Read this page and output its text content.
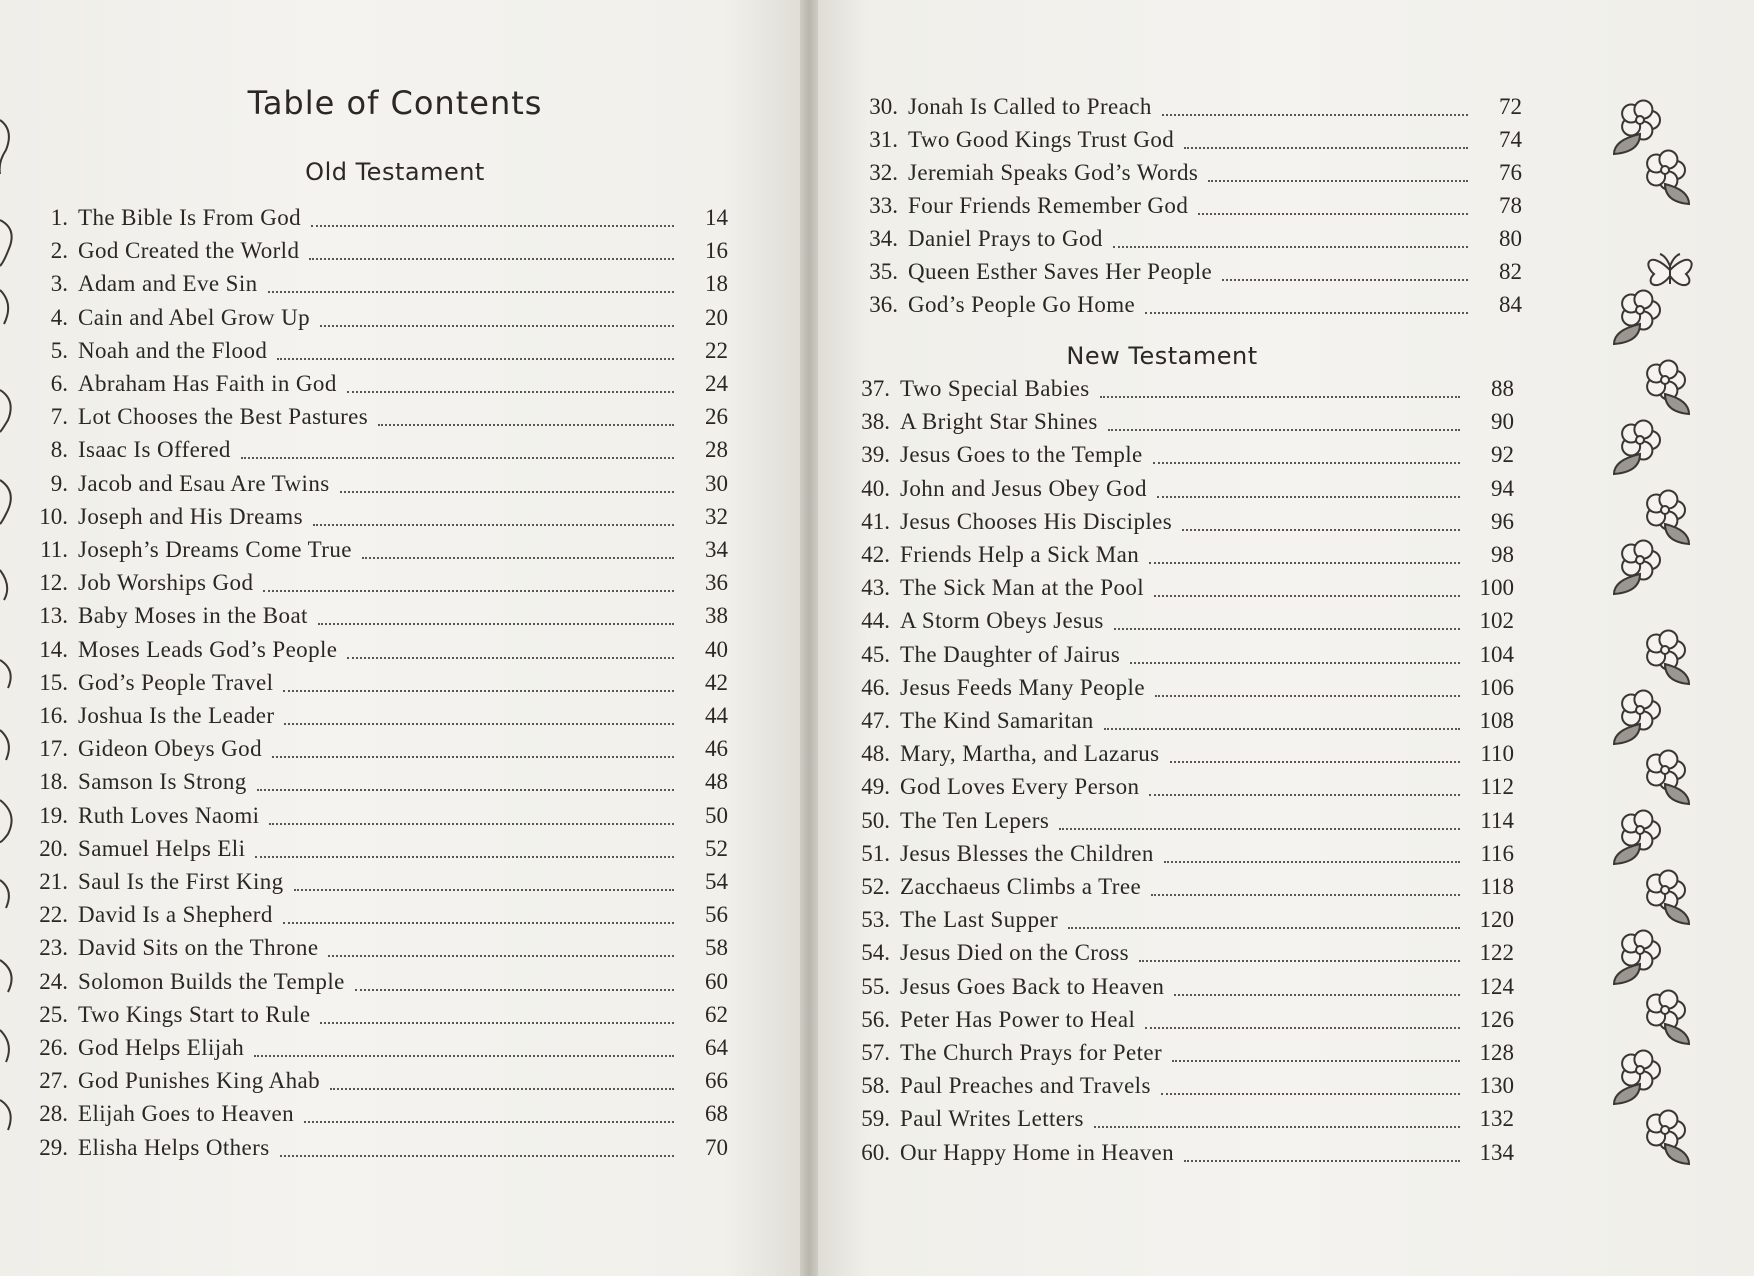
Table of Contents
Old Testament
New Testament
1. The Bible Is From God	14
2. God Created the World	16
3. Adam and Eve Sin	18
4. Cain and Abel Grow Up	20
5. Noah and the Flood	22
6. Abraham Has Faith in God	24
7. Lot Chooses the Best Pastures	26
8. Isaac Is Offered	28
9. Jacob and Esau Are Twins	30
10. Joseph and His Dreams	32
11. Joseph’s Dreams Come True	34
12. Job Worships God	36
13. Baby Moses in the Boat	38
14. Moses Leads God’s People	40
15. God’s People Travel	42
16. Joshua Is the Leader	44
17. Gideon Obeys God	46
18. Samson Is Strong	48
19. Ruth Loves Naomi	50
20. Samuel Helps Eli	52
21. Saul Is the First King	54
22. David Is a Shepherd	56
23. David Sits on the Throne	58
24. Solomon Builds the Temple	60
25. Two Kings Start to Rule	62
26. God Helps Elijah	64
27. God Punishes King Ahab	66
28. Elijah Goes to Heaven	68
29. Elisha Helps Others	70
30. Jonah Is Called to Preach	72
31. Two Good Kings Trust God	74
32. Jeremiah Speaks God’s Words	76
33. Four Friends Remember God	78
34. Daniel Prays to God	80
35. Queen Esther Saves Her People	82
36. God’s People Go Home	84
37. Two Special Babies	88
38. A Bright Star Shines	90
39. Jesus Goes to the Temple	92
40. John and Jesus Obey God	94
41. Jesus Chooses His Disciples	96
42. Friends Help a Sick Man	98
43. The Sick Man at the Pool	100
44. A Storm Obeys Jesus	102
45. The Daughter of Jairus	104
46. Jesus Feeds Many People	106
47. The Kind Samaritan	108
48. Mary, Martha, and Lazarus	110
49. God Loves Every Person	112
50. The Ten Lepers	114
51. Jesus Blesses the Children	116
52. Zacchaeus Climbs a Tree	118
53. The Last Supper	120
54. Jesus Died on the Cross	122
55. Jesus Goes Back to Heaven	124
56. Peter Has Power to Heal	126
57. The Church Prays for Peter	128
58. Paul Preaches and Travels	130
59. Paul Writes Letters	132
60. Our Happy Home in Heaven	134
